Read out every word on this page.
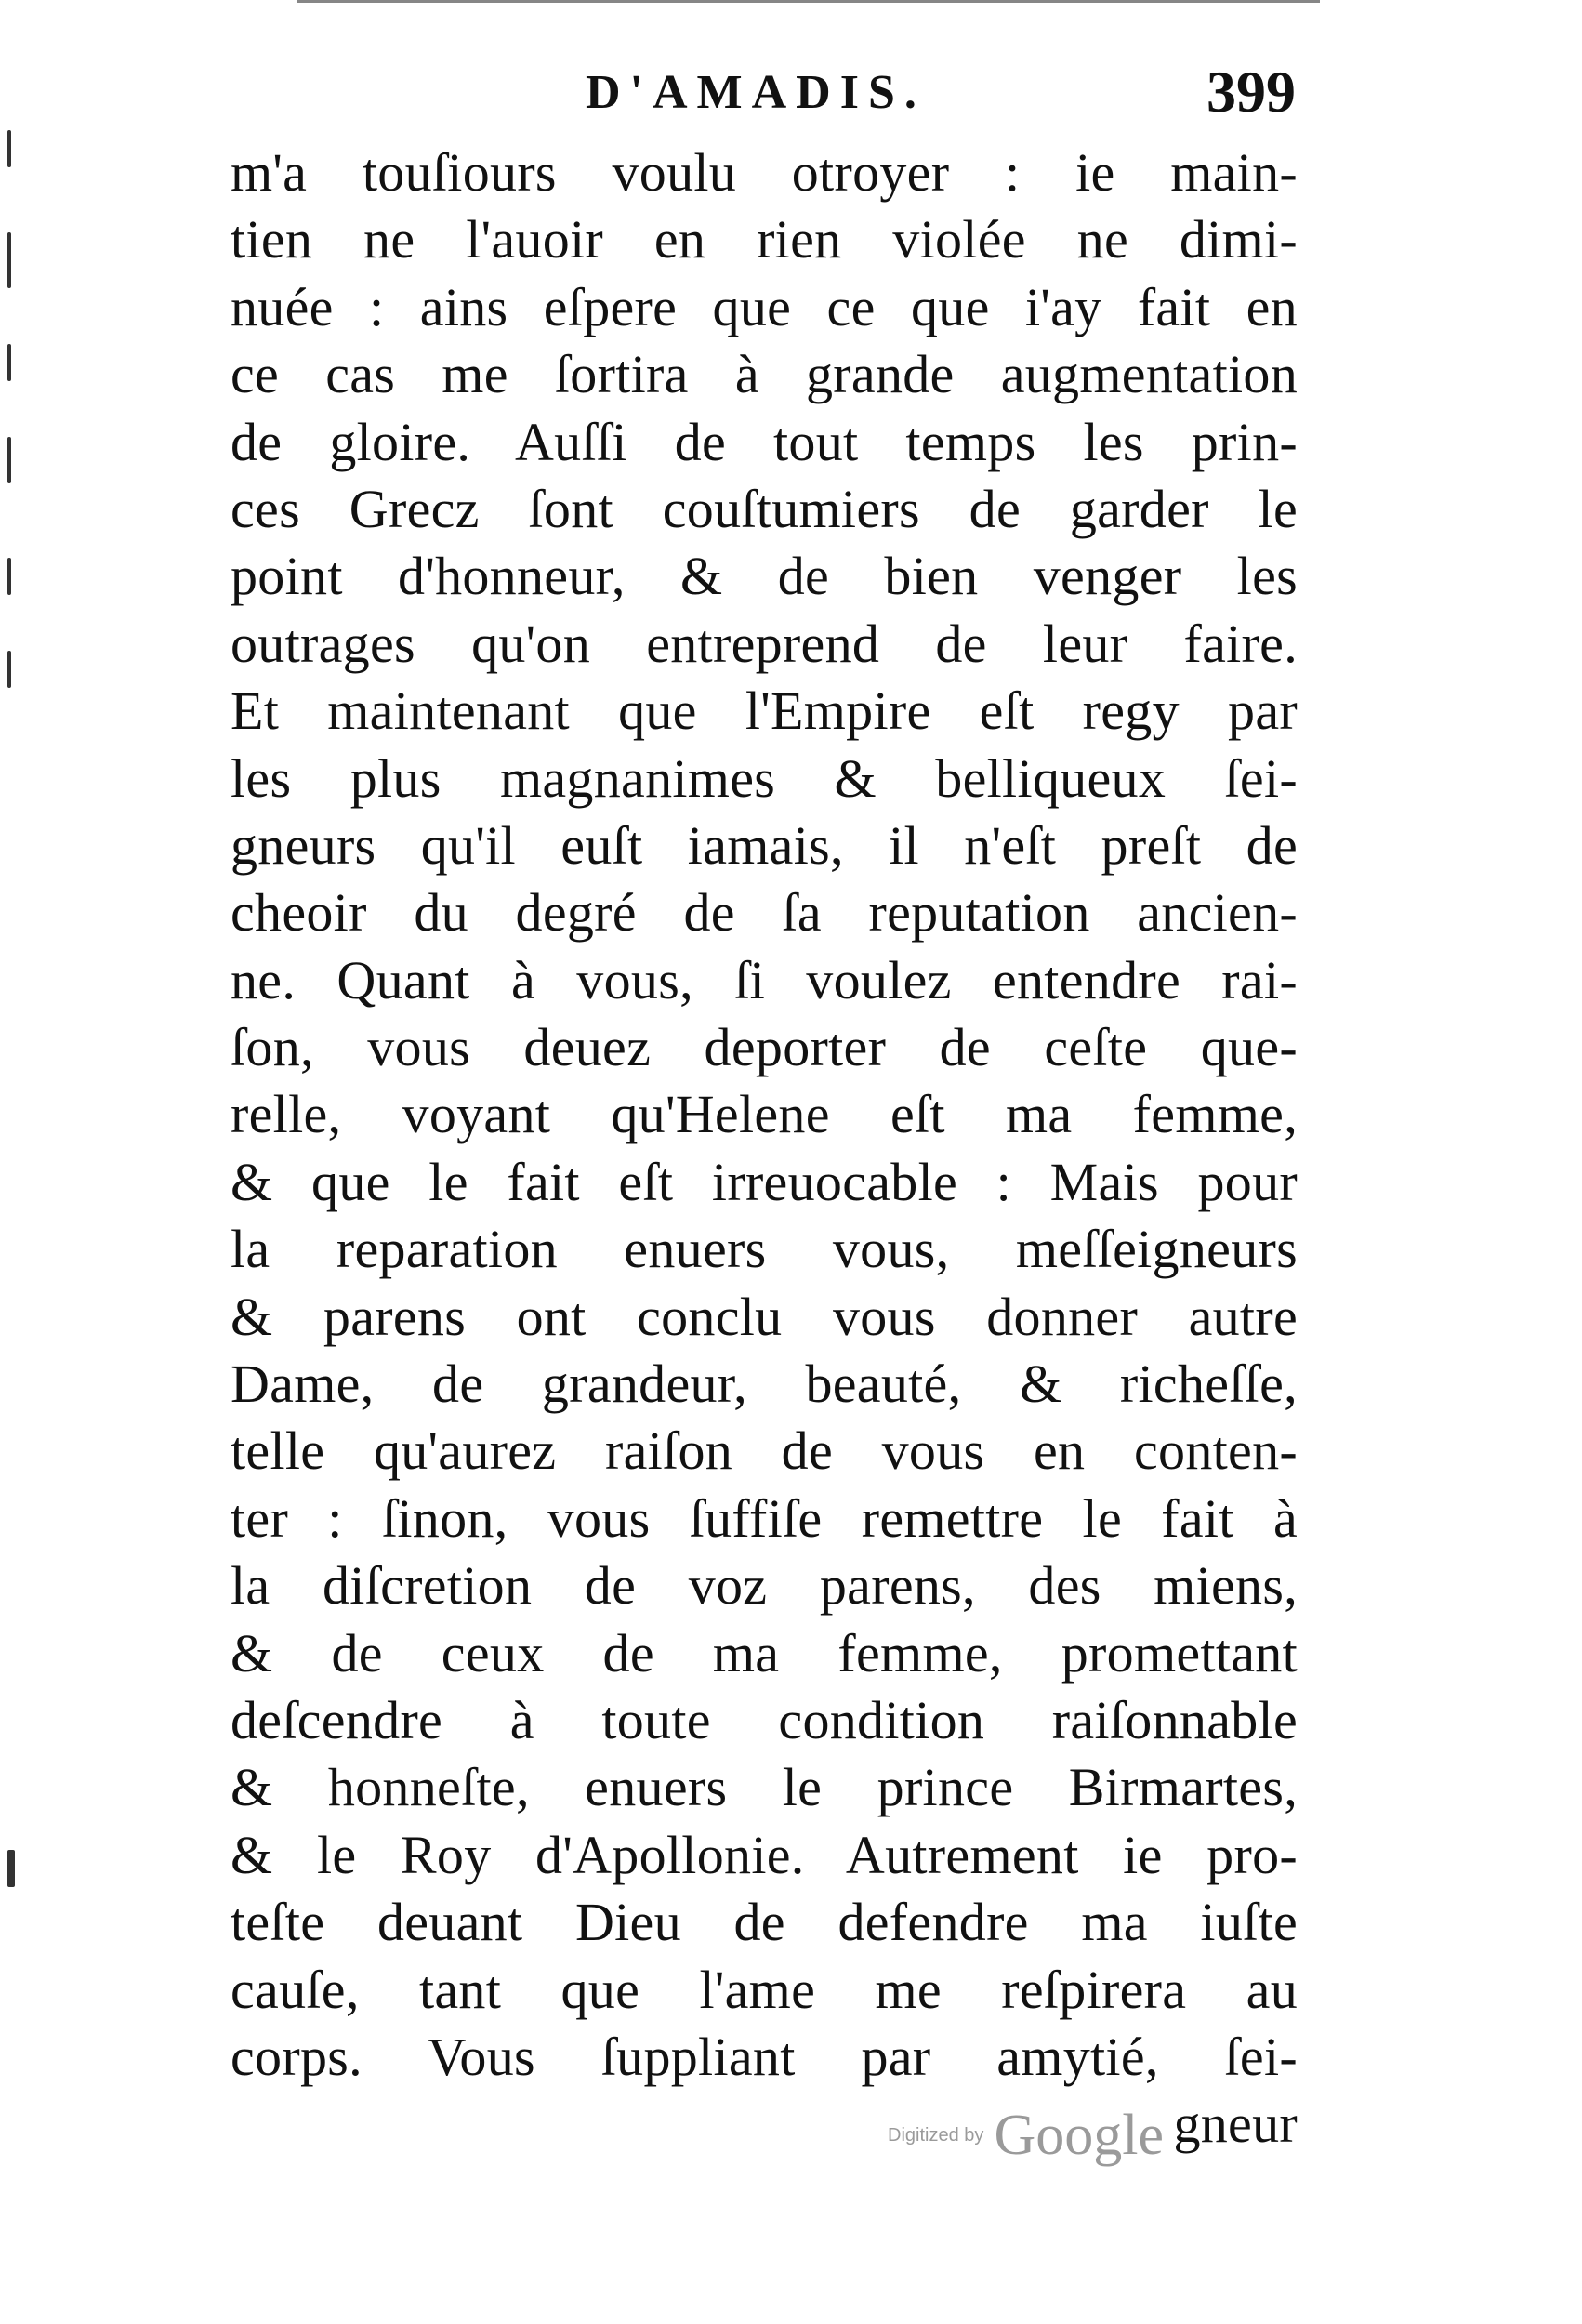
D'AMADIS.	399
m'a touſiours voulu otroyer : ie main-
tien ne l'auoir en rien violée ne dimi-
nuée : ains eſpere que ce que i'ay fait en
ce cas me ſortira à grande augmentation
de gloire. Auſſi de tout temps les prin-
ces Grecz ſont couſtumiers de garder le
point d'honneur, & de bien venger les
outrages qu'on entreprend de leur faire.
Et maintenant que l'Empire eſt regy par
les plus magnanimes & belliqueux ſei-
gneurs qu'il euſt iamais, il n'eſt preſt de
cheoir du degré de ſa reputation ancien-
ne. Quant à vous, ſi voulez entendre rai-
ſon, vous deuez deporter de ceſte que-
relle, voyant qu'Helene eſt ma femme,
& que le fait eſt irreuocable : Mais pour
la reparation enuers vous, meſſeigneurs
& parens ont conclu vous donner autre
Dame, de grandeur, beauté, & richeſſe,
telle qu'aurez raiſon de vous en conten-
ter : ſinon, vous ſuffiſe remettre le fait à
la diſcretion de voz parens, des miens,
& de ceux de ma femme, promettant
deſcendre à toute condition raiſonnable
& honneſte, enuers le prince Birmartes,
& le Roy d'Apollonie. Autrement ie pro-
teſte deuant Dieu de defendre ma iuſte
cauſe, tant que l'ame me reſpirera au
corps. Vous ſuppliant par amytié, ſei-
gneur
Digitized by Google
